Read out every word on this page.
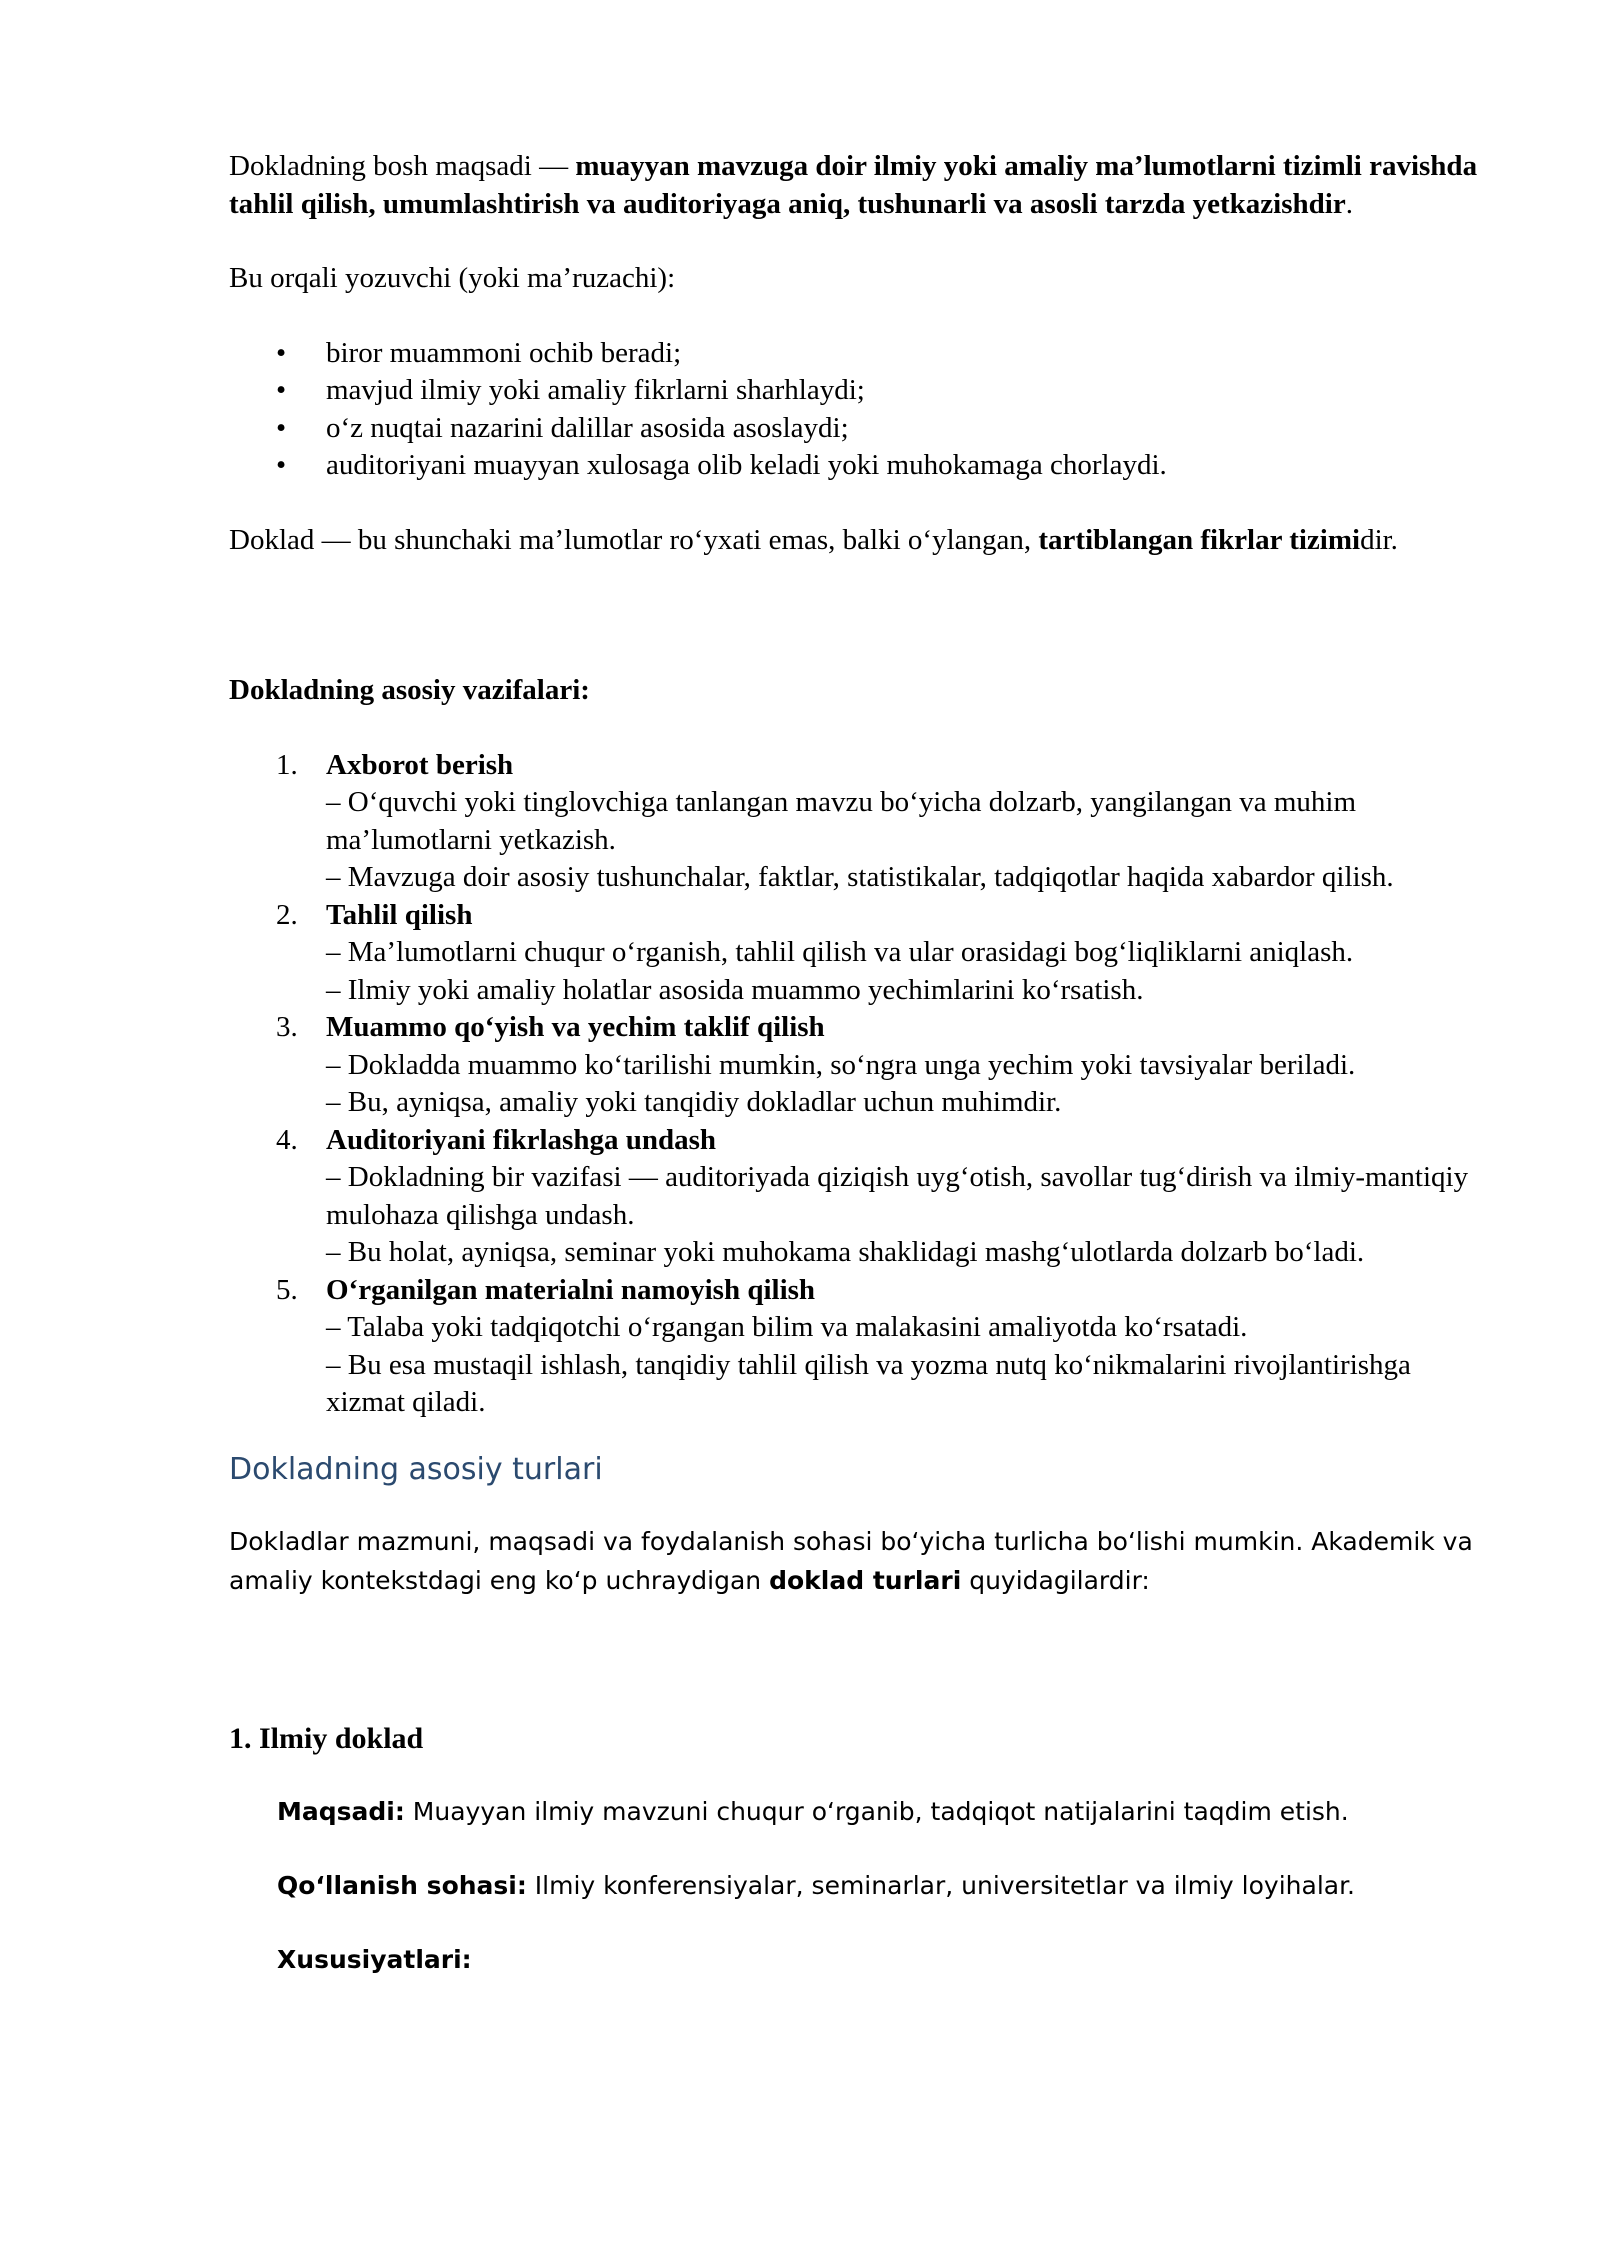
Dokladning bosh maqsadi — muayyan mavzuga doir ilmiy yoki amaliy ma’lumotlarni tizimli ravishda tahlil qilish, umumlashtirish va auditoriyaga aniq, tushunarli va asosli tarzda yetkazishdir.

Bu orqali yozuvchi (yoki ma’ruzachi):

• biror muammoni ochib beradi;
• mavjud ilmiy yoki amaliy fikrlarni sharhlaydi;
• o‘z nuqtai nazarini dalillar asosida asoslaydi;
• auditoriyani muayyan xulosaga olib keladi yoki muhokamaga chorlaydi.

Doklad — bu shunchaki ma’lumotlar ro‘yxati emas, balki o‘ylangan, tartiblangan fikrlar tizimidir.

Dokladning asosiy vazifalari:

1. Axborot berish
– O‘quvchi yoki tinglovchiga tanlangan mavzu bo‘yicha dolzarb, yangilangan va muhim ma’lumotlarni yetkazish.
– Mavzuga doir asosiy tushunchalar, faktlar, statistikalar, tadqiqotlar haqida xabardor qilish.
2. Tahlil qilish
– Ma’lumotlarni chuqur o‘rganish, tahlil qilish va ular orasidagi bog‘liqliklarni aniqlash.
– Ilmiy yoki amaliy holatlar asosida muammo yechimlarini ko‘rsatish.
3. Muammo qo‘yish va yechim taklif qilish
– Dokladda muammo ko‘tarilishi mumkin, so‘ngra unga yechim yoki tavsiyalar beriladi.
– Bu, ayniqsa, amaliy yoki tanqidiy dokladlar uchun muhimdir.
4. Auditoriyani fikrlashga undash
– Dokladning bir vazifasi — auditoriyada qiziqish uyg‘otish, savollar tug‘dirish va ilmiy-mantiqiy mulohaza qilishga undash.
– Bu holat, ayniqsa, seminar yoki muhokama shaklidagi mashg‘ulotlarda dolzarb bo‘ladi.
5. O‘rganilgan materialni namoyish qilish
– Talaba yoki tadqiqotchi o‘rgangan bilim va malakasini amaliyotda ko‘rsatadi.
– Bu esa mustaqil ishlash, tanqidiy tahlil qilish va yozma nutq ko‘nikmalarini rivojlantirishga xizmat qiladi.
Dokladning asosiy turlari

Dokladlar mazmuni, maqsadi va foydalanish sohasi bo‘yicha turlicha bo‘lishi mumkin. Akademik va amaliy kontekstdagi eng ko‘p uchraydigan doklad turlari quyidagilardir:

1. Ilmiy doklad

Maqsadi: Muayyan ilmiy mavzuni chuqur o‘rganib, tadqiqot natijalarini taqdim etish.

Qo‘llanish sohasi: Ilmiy konferensiyalar, seminarlar, universitetlar va ilmiy loyihalar.

Xususiyatlari:
